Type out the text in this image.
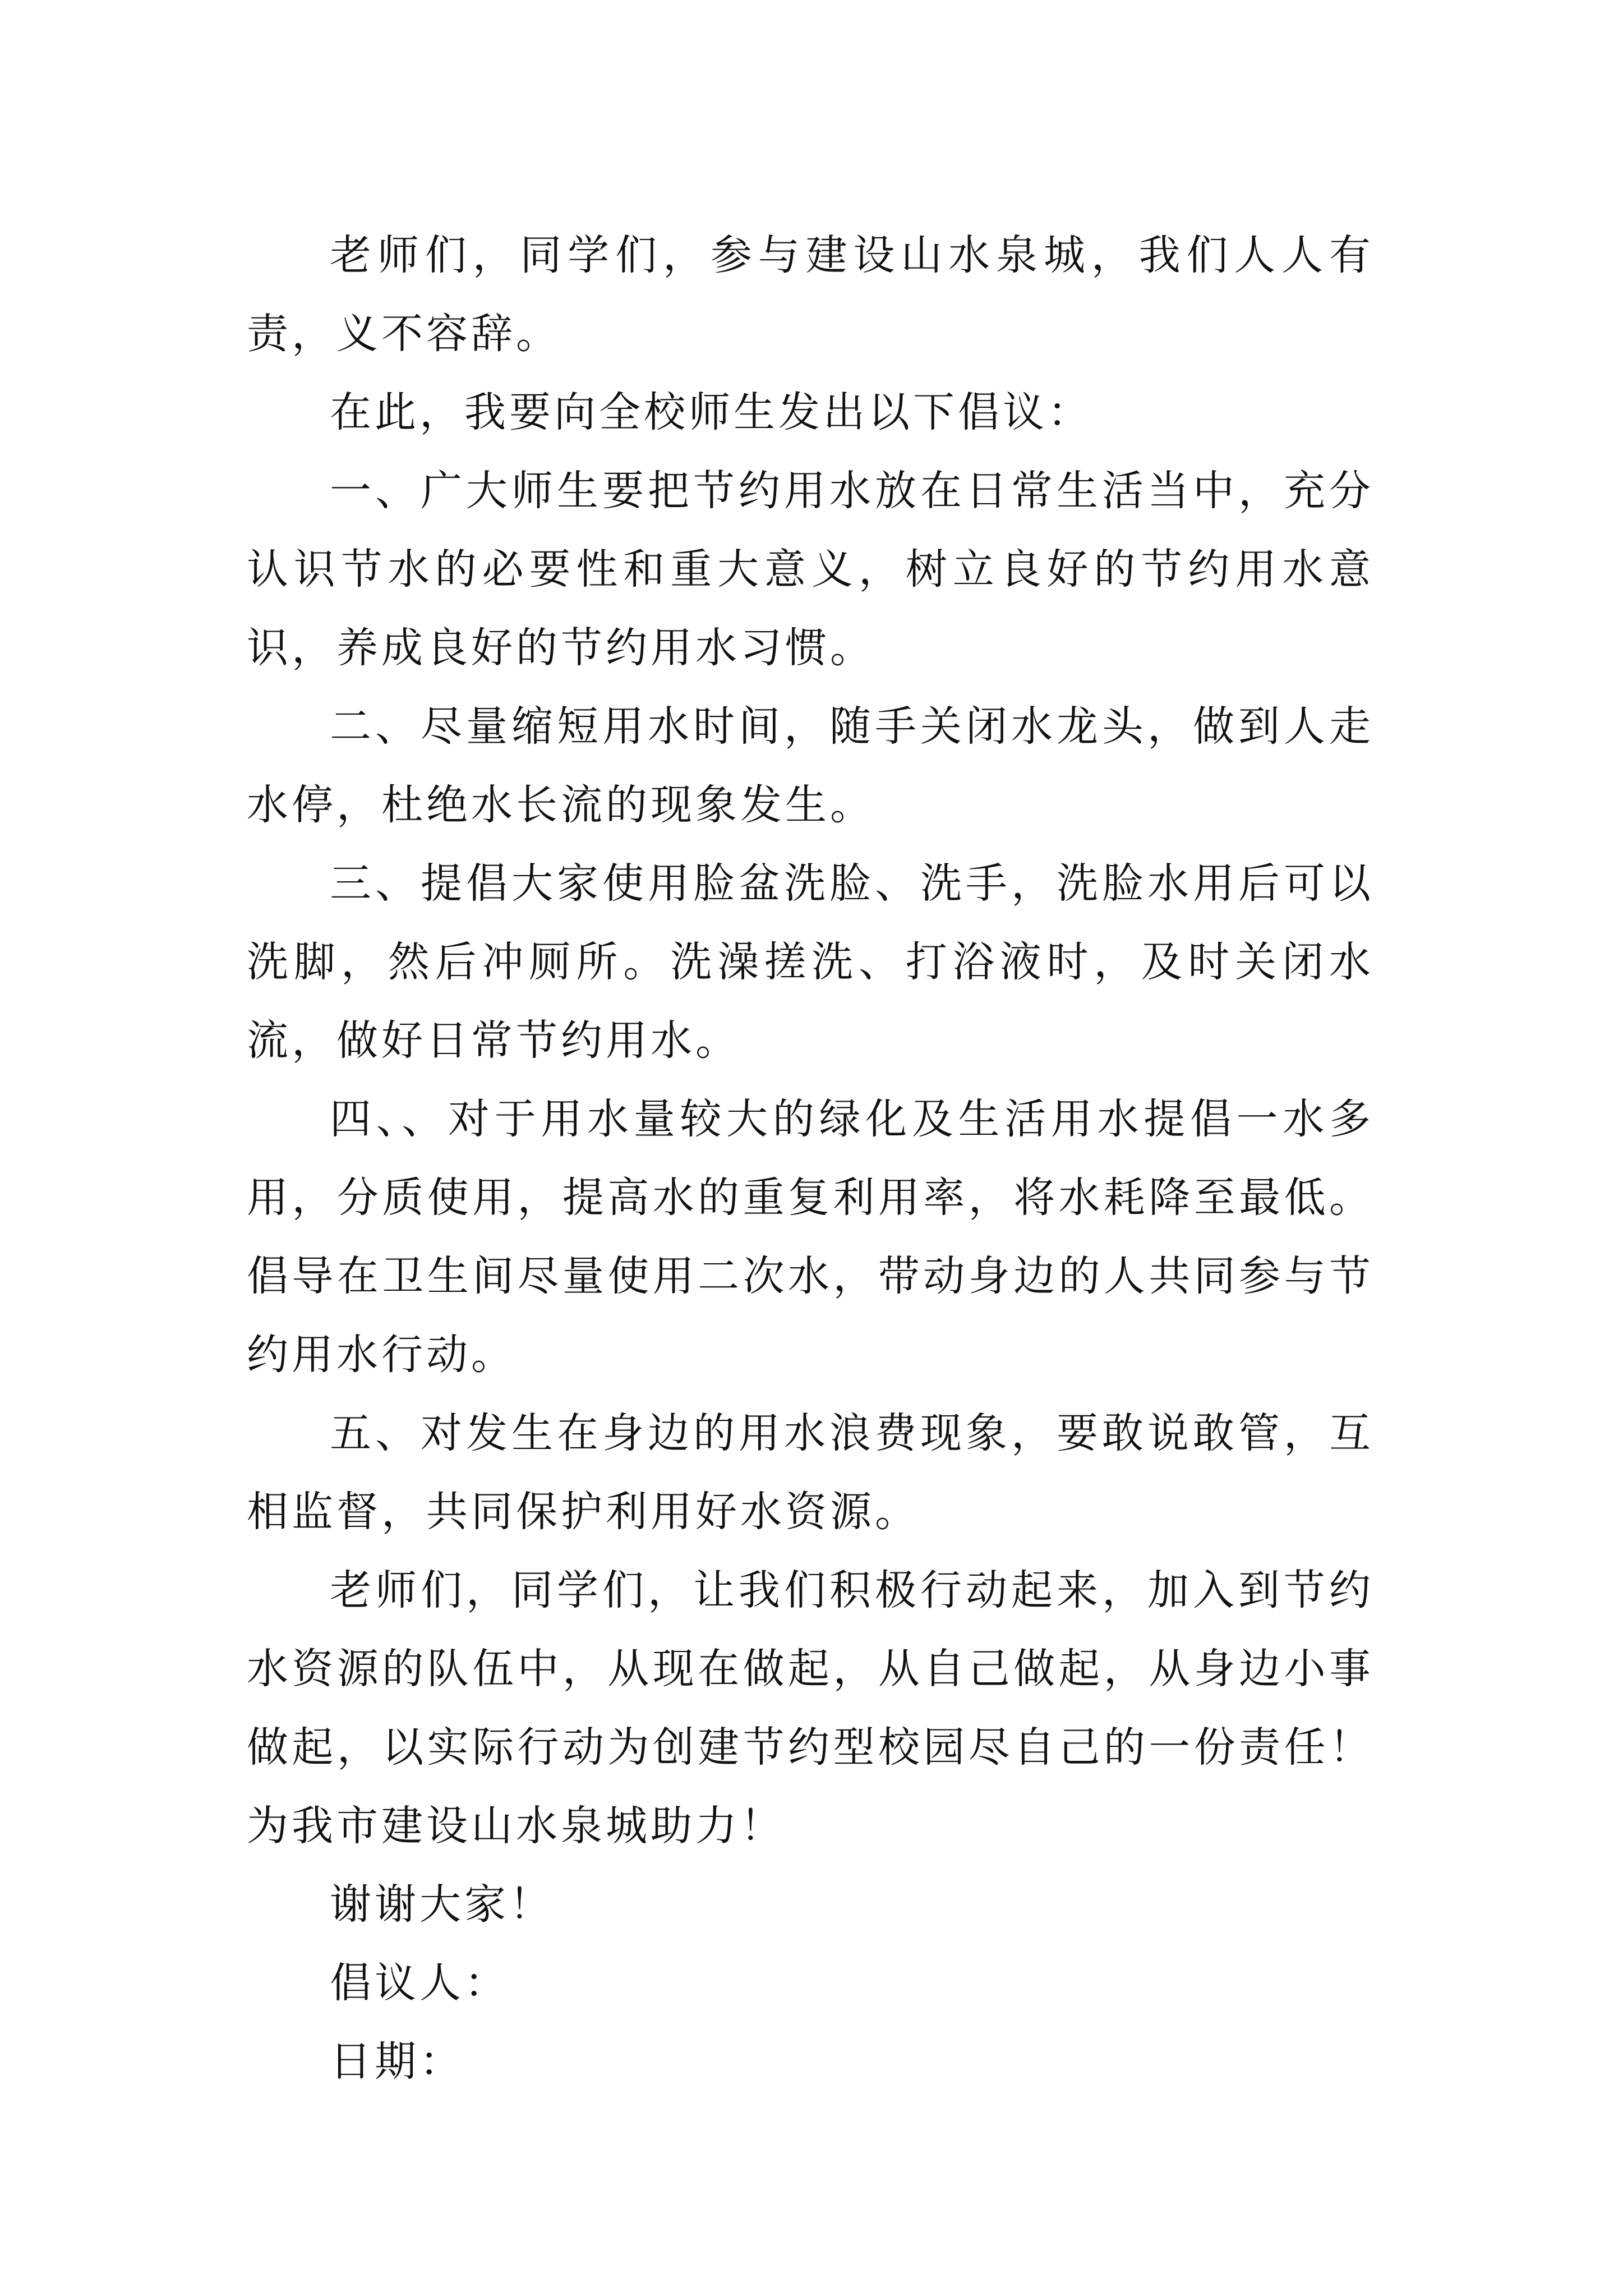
老师们，同学们，参与建设山水泉城，我们人人有责，义不容辞。

在此，我要向全校师生发出以下倡议：

一、广大师生要把节约用水放在日常生活当中，充分认识节水的必要性和重大意义，树立良好的节约用水意识，养成良好的节约用水习惯。

二、尽量缩短用水时间，随手关闭水龙头，做到人走水停，杜绝水长流的现象发生。

三、提倡大家使用脸盆洗脸、洗手，洗脸水用后可以洗脚，然后冲厕所。洗澡搓洗、打浴液时，及时关闭水流，做好日常节约用水。

四、、对于用水量较大的绿化及生活用水提倡一水多用，分质使用，提高水的重复利用率，将水耗降至最低。倡导在卫生间尽量使用二次水，带动身边的人共同参与节约用水行动。

五、对发生在身边的用水浪费现象，要敢说敢管，互相监督，共同保护利用好水资源。

老师们，同学们，让我们积极行动起来，加入到节约水资源的队伍中，从现在做起，从自己做起，从身边小事做起，以实际行动为创建节约型校园尽自己的一份责任！为我市建设山水泉城助力！

谢谢大家！

倡议人：

日期：
